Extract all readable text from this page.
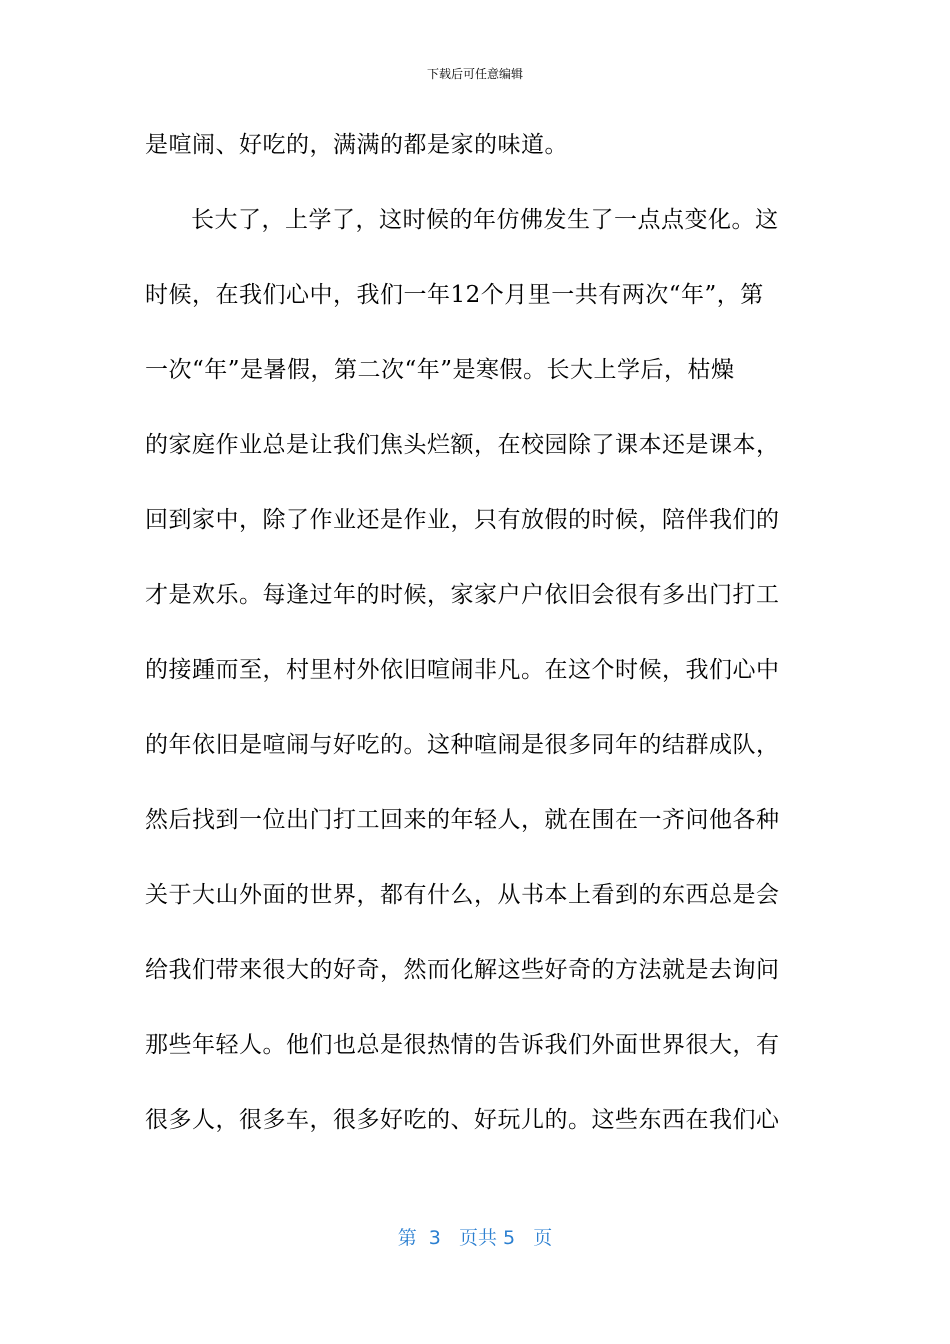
下载后可任意编辑
是喧闹、好吃的，满满的都是家的味道。
长大了，上学了，这时候的年仿佛发生了一点点变化。这
时候，在我们心中，我们一年12个月里一共有两次“年”，第
一次“年”是暑假，第二次“年”是寒假。长大上学后，枯燥
的家庭作业总是让我们焦头烂额，在校园除了课本还是课本，
回到家中，除了作业还是作业，只有放假的时候，陪伴我们的
才是欢乐。每逢过年的时候，家家户户依旧会很有多出门打工
的接踵而至，村里村外依旧喧闹非凡。在这个时候，我们心中
的年依旧是喧闹与好吃的。这种喧闹是很多同年的结群成队，
然后找到一位出门打工回来的年轻人，就在围在一齐问他各种
关于大山外面的世界，都有什么，从书本上看到的东西总是会
给我们带来很大的好奇，然而化解这些好奇的方法就是去询问
那些年轻人。他们也总是很热情的告诉我们外面世界很大，有
很多人，很多车，很多好吃的、好玩儿的。这些东西在我们心
第  3   页共 5   页
